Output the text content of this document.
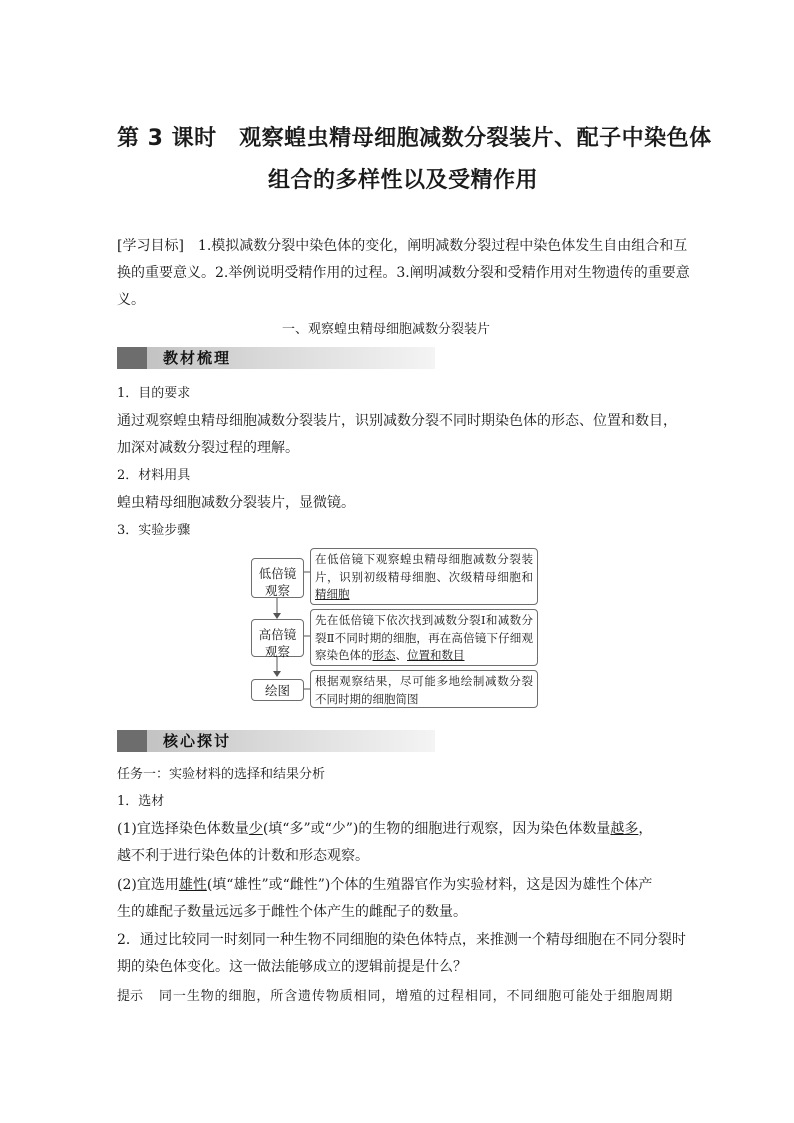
第 3 课时　观察蝗虫精母细胞减数分裂装片、配子中染色体
组合的多样性以及受精作用
[学习目标]　1.模拟减数分裂中染色体的变化，阐明减数分裂过程中染色体发生自由组合和互
换的重要意义。2.举例说明受精作用的过程。3.阐明减数分裂和受精作用对生物遗传的重要意
义。
一、观察蝗虫精母细胞减数分裂装片
教材梳理
1．目的要求
通过观察蝗虫精母细胞减数分裂装片，识别减数分裂不同时期染色体的形态、位置和数目，
加深对减数分裂过程的理解。
2．材料用具
蝗虫精母细胞减数分裂装片，显微镜。
3．实验步骤
低倍镜
观察
在低倍镜下观察蝗虫精母细胞减数分裂装片，识别初级精母细胞、次级精母细胞和精细胞
高倍镜
观察
先在低倍镜下依次找到减数分裂Ⅰ和减数分裂Ⅱ不同时期的细胞，再在高倍镜下仔细观察染色体的形态、位置和数目
绘图
根据观察结果，尽可能多地绘制减数分裂不同时期的细胞简图
核心探讨
任务一：实验材料的选择和结果分析
1．选材
(1)宜选择染色体数量少(填“多”或“少”)的生物的细胞进行观察，因为染色体数量越多，
越不利于进行染色体的计数和形态观察。
(2)宜选用雄性(填“雄性”或“雌性”)个体的生殖器官作为实验材料，这是因为雄性个体产
生的雄配子数量远远多于雌性个体产生的雌配子的数量。
2．通过比较同一时刻同一种生物不同细胞的染色体特点，来推测一个精母细胞在不同分裂时
期的染色体变化。这一做法能够成立的逻辑前提是什么？
提示 同一生物的细胞，所含遗传物质相同，增殖的过程相同，不同细胞可能处于细胞周期
